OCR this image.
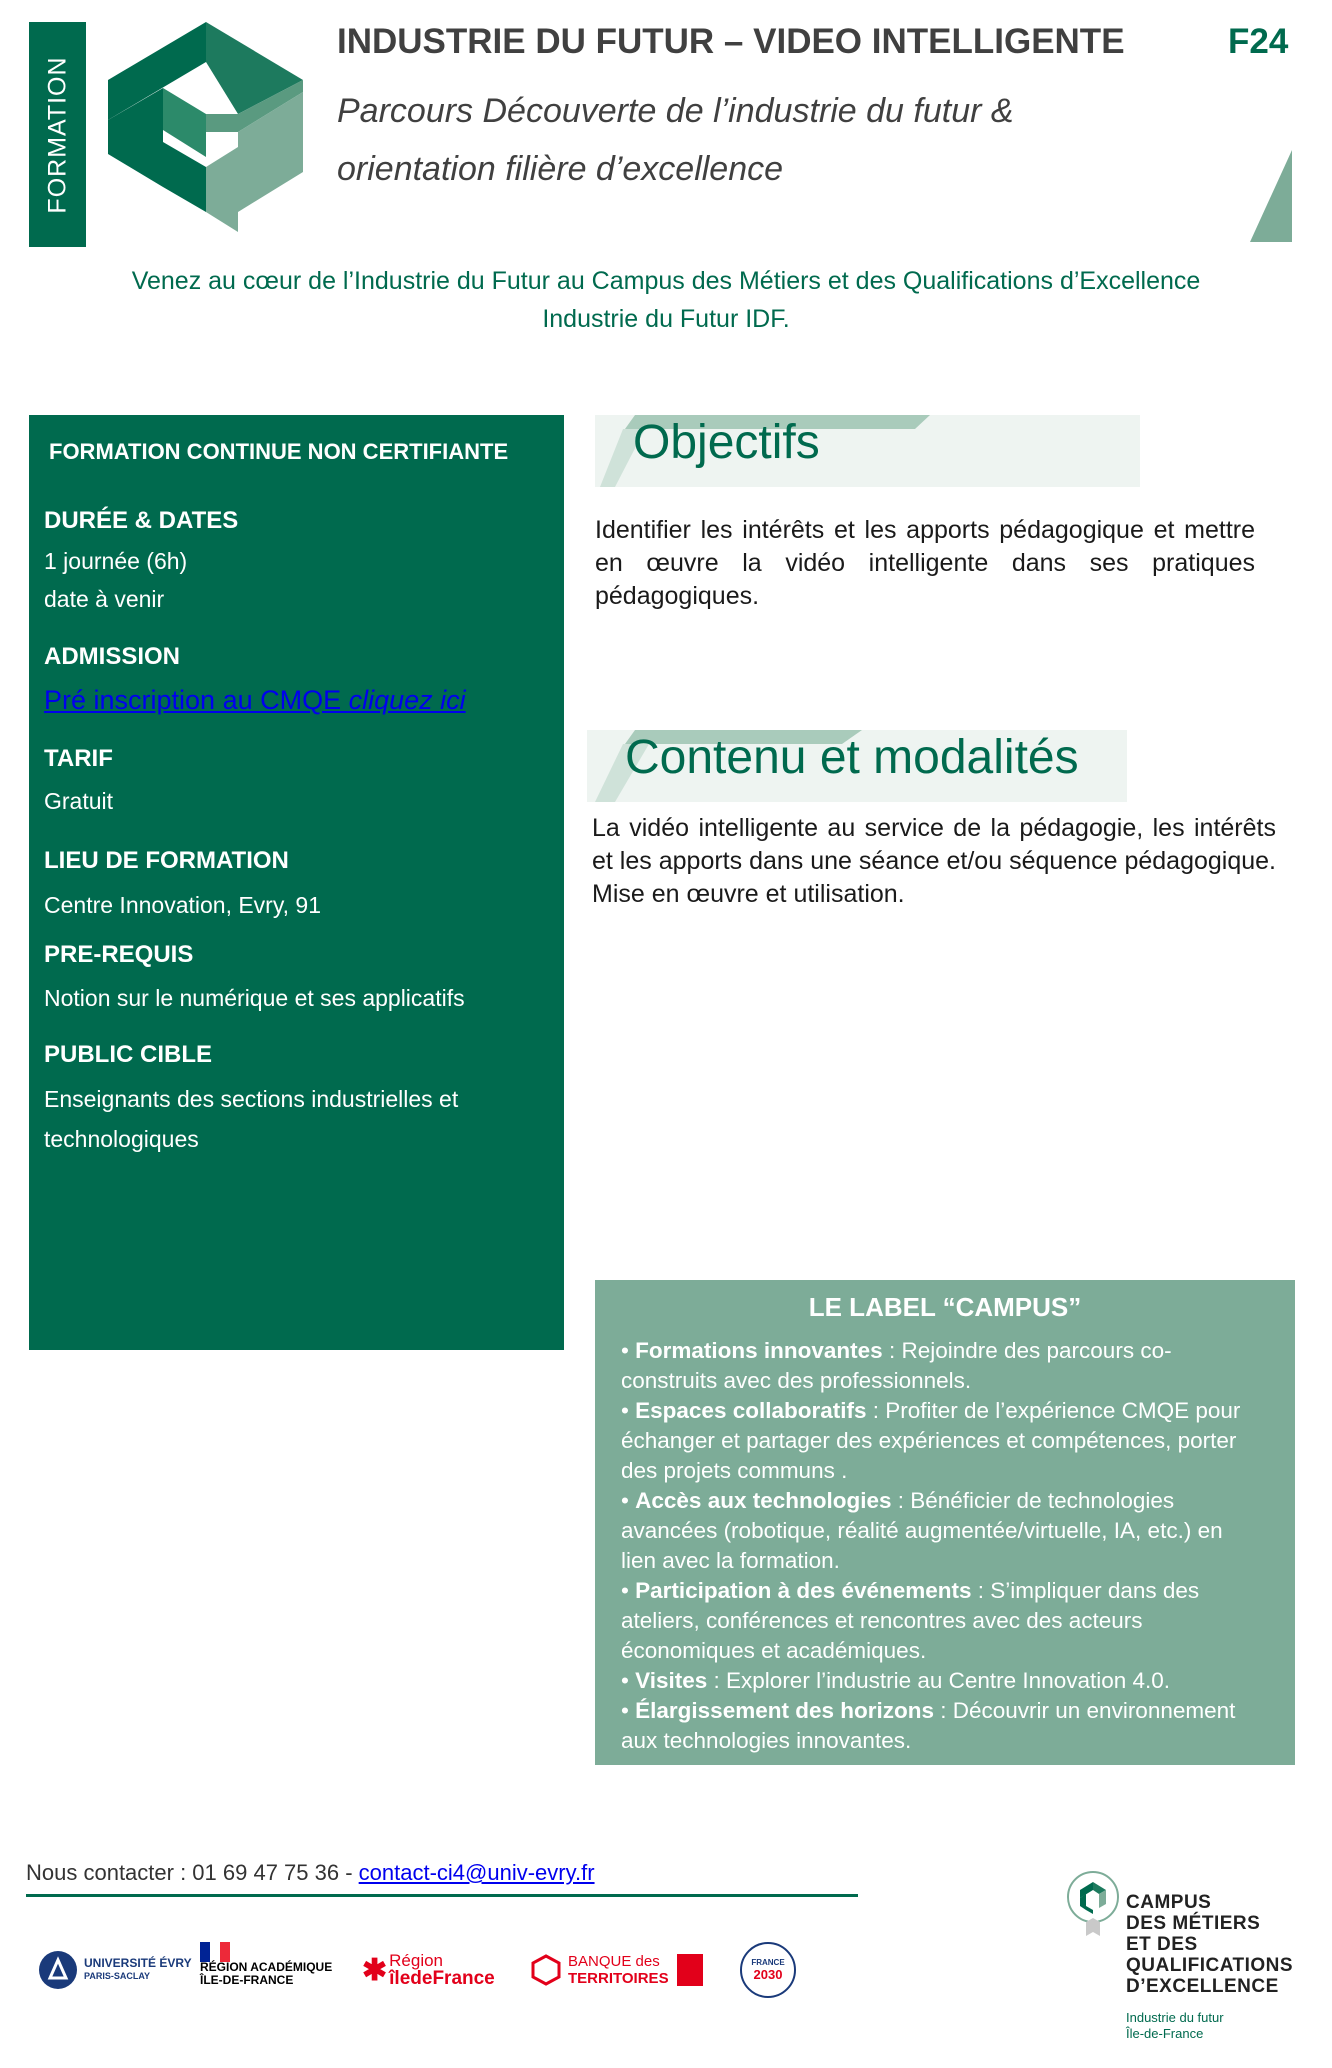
FORMATION
INDUSTRIE DU FUTUR – VIDEO INTELLIGENTE	F24
Parcours Découverte de l’industrie du futur &
orientation filière d’excellence
Venez au cœur de l’Industrie du Futur au Campus des Métiers et des Qualifications d’Excellence
Industrie du Futur IDF.
FORMATION CONTINUE NON CERTIFIANTE
DURÉE & DATES
1 journée (6h)
date à venir
ADMISSION
Pré inscription au CMQE cliquez ici
TARIF
Gratuit
LIEU DE FORMATION
Centre Innovation, Evry, 91
PRE-REQUIS
Notion sur le numérique et ses applicatifs
PUBLIC CIBLE
Enseignants des sections industrielles et technologiques
Objectifs
Identifier les intérêts et les apports pédagogique et mettre en œuvre la vidéo intelligente dans ses pratiques pédagogiques.
Contenu et modalités
La vidéo intelligente au service de la pédagogie, les intérêts et les apports dans une séance et/ou séquence pédagogique. Mise en œuvre et utilisation.
LE LABEL “CAMPUS”
• Formations innovantes : Rejoindre des parcours co-construits avec des professionnels.
• Espaces collaboratifs : Profiter de l’expérience CMQE pour échanger et partager des expériences et compétences, porter des projets communs .
• Accès aux technologies : Bénéficier de technologies avancées (robotique, réalité augmentée/virtuelle, IA, etc.) en lien avec la formation.
• Participation à des événements : S’impliquer dans des ateliers, conférences et rencontres avec des acteurs économiques et académiques.
• Visites : Explorer l’industrie au Centre Innovation 4.0.
• Élargissement des horizons : Découvrir un environnement aux technologies innovantes.
Nous contacter : 01 69 47 75 36 - contact-ci4@univ-evry.fr
UNIVERSITÉ ÉVRY
PARIS-SACLAY
RÉGION ACADÉMIQUE
ÎLE-DE-FRANCE	✱ Région
îledeFrance
BANQUE des
TERRITOIRES
FRANCE
2030
CAMPUS
DES MÉTIERS
ET DES
QUALIFICATIONS
D’EXCELLENCE
Industrie du futur
Île-de-France
